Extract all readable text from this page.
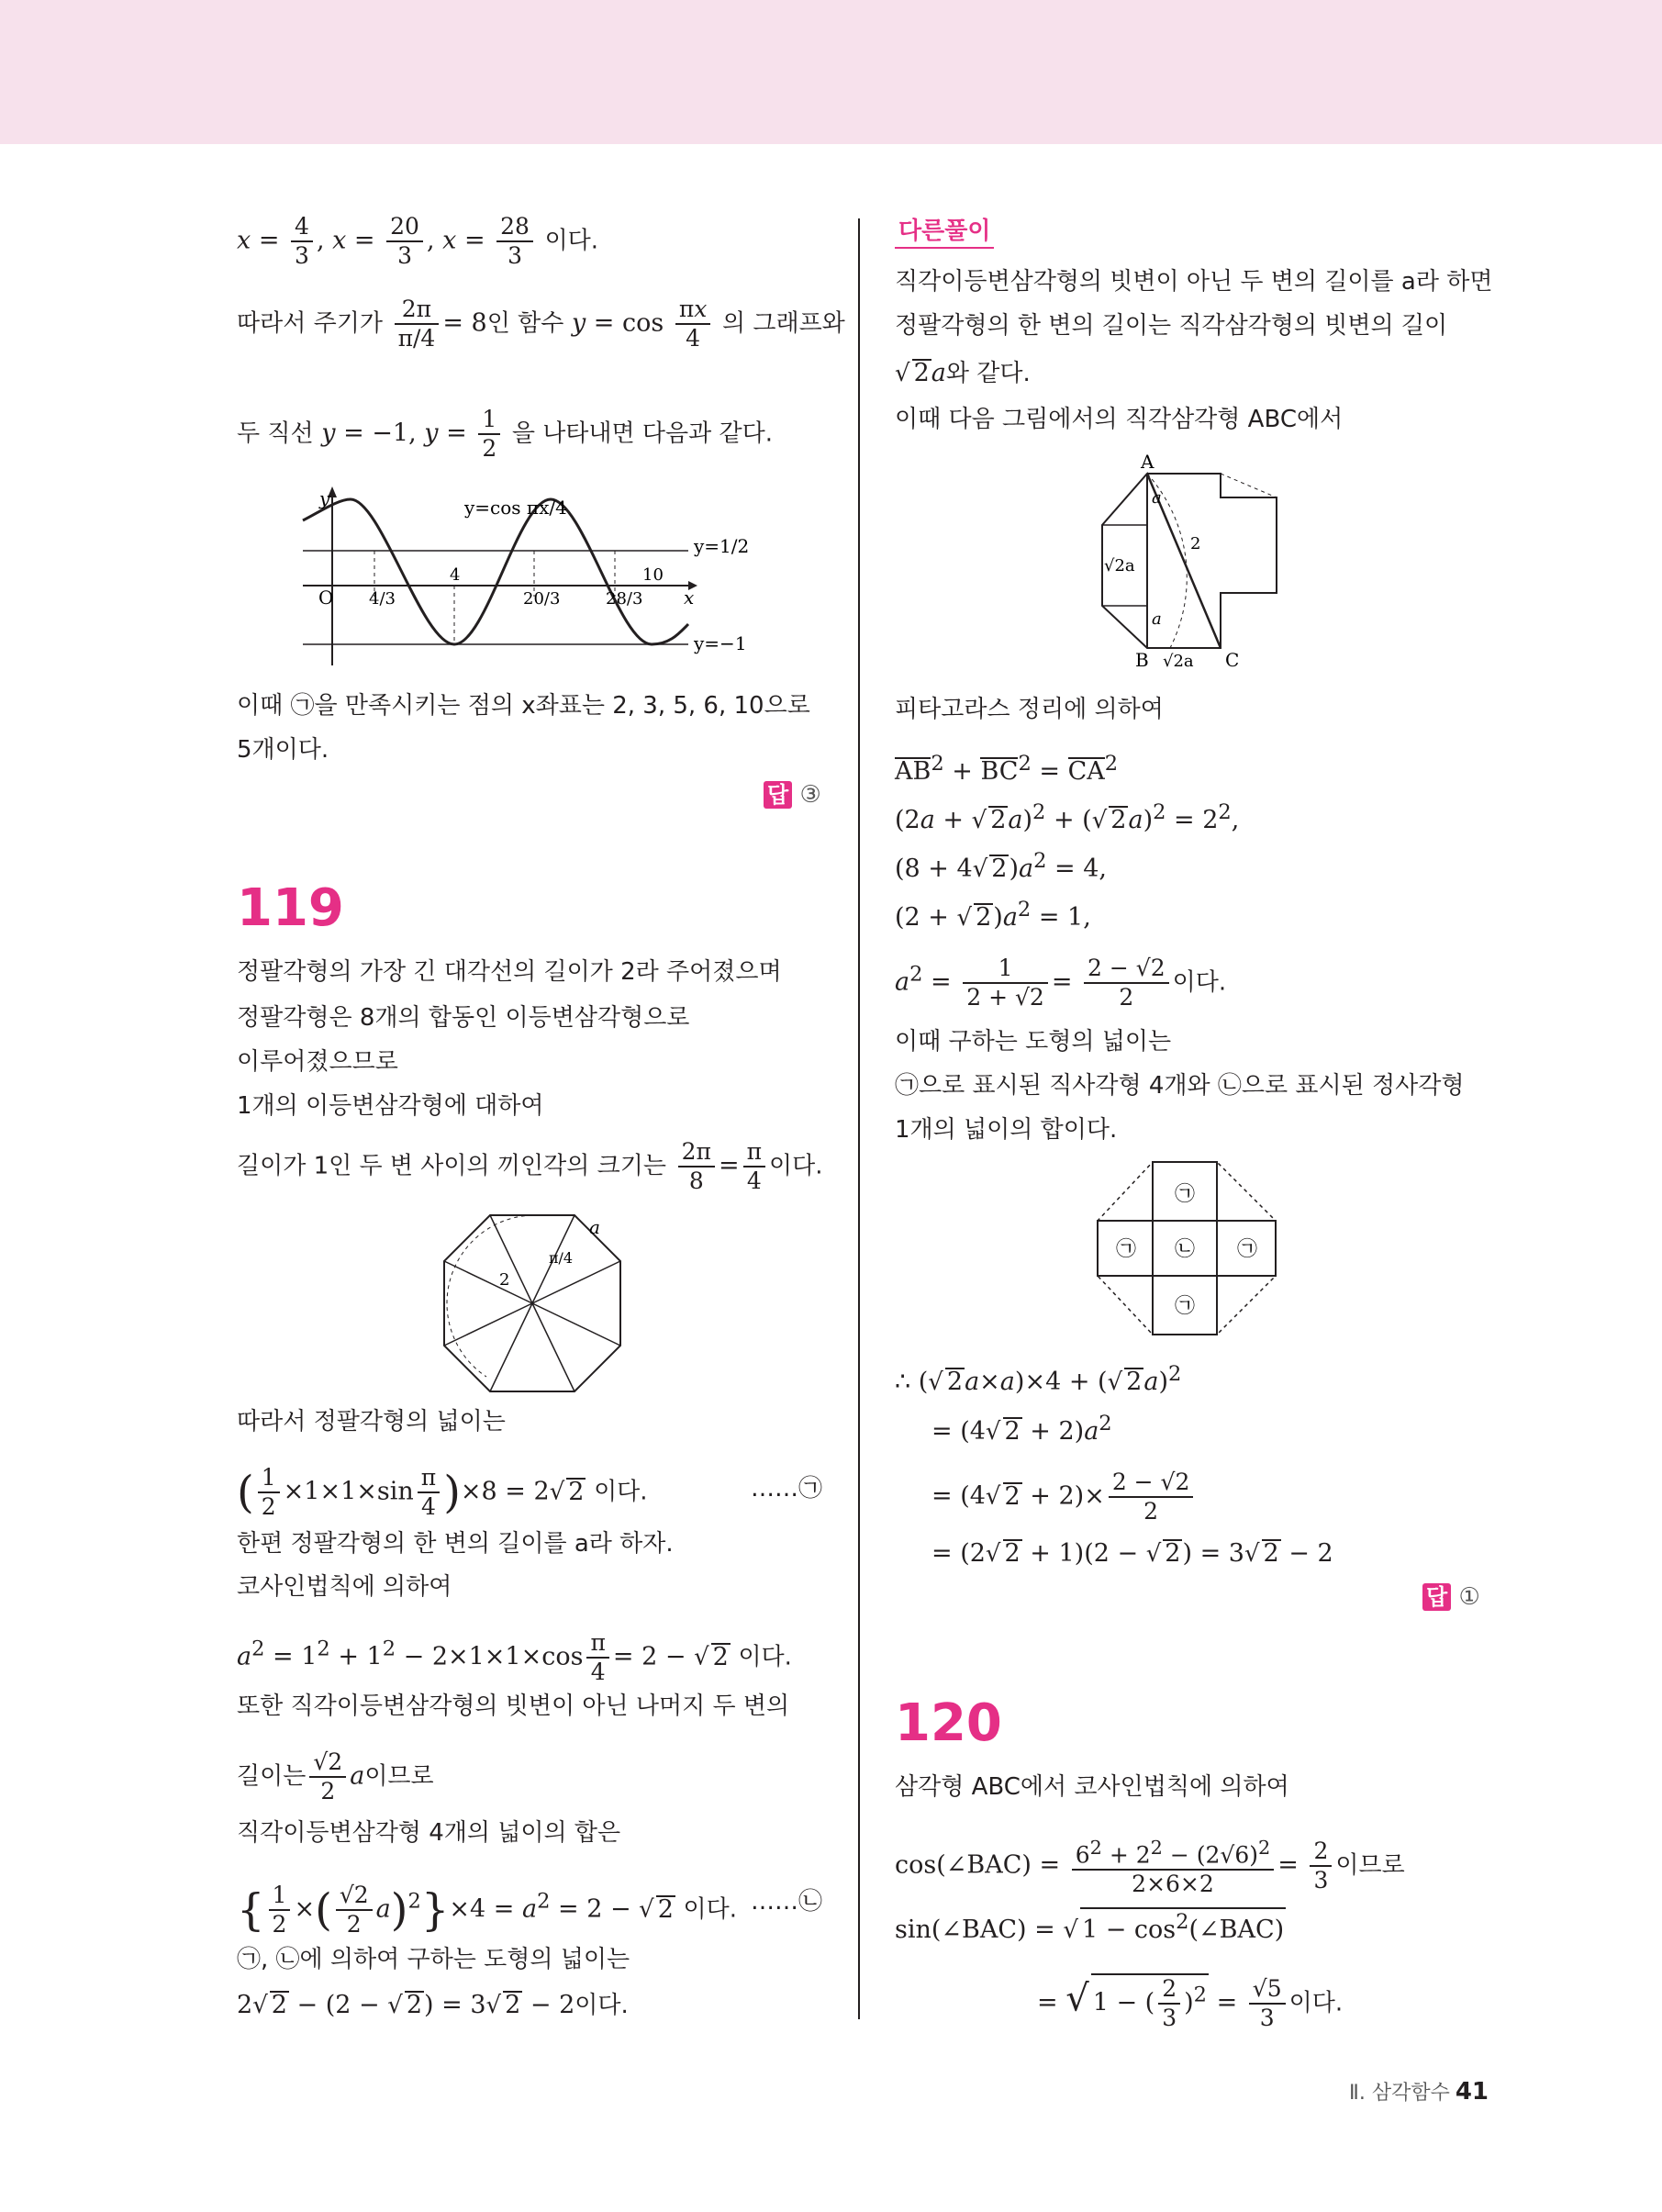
$x = \frac{4}{3}$ , $x = \frac{20}{3}$ , $x = \frac{28}{3}$ 이다.
따라서 주기가 $\frac{2\pi}{\pi/4} = 8$인 함수 $y = \cos \frac{\pi x}{4}$ 의 그래프와
두 직선 y = −1, $y = \frac{1}{2}$ 을 나타내면 다음과 같다.
y
O	x
y=cos πx/4
4/3
4
20/3
10
28/3
y=1/2
y=−1
이때 ㉠을 만족시키는 점의 x좌표는 2, 3, 5, 6, 10으로
5개이다.
답 ③
119
정팔각형의 가장 긴 대각선의 길이가 2라 주어졌으며
정팔각형은 8개의 합동인 이등변삼각형으로
이루어졌으므로
1개의 이등변삼각형에 대하여
길이가 1인 두 변 사이의 끼인각의 크기는 $\frac{2\pi}{8} = \frac{\pi}{4}$ 이다.
a
2
π/4
따라서 정팔각형의 넓이는
( $\frac{1}{2} \times 1\times 1\times\sin \frac{\pi}{4} )\times 8 = 2√$ 2 이다.	……㉠
한편 정팔각형의 한 변의 길이를 a라 하자.
코사인법칙에 의하여
$a^2 = 1^2 + 1^2 - 2\times 1\times 1\times\cos \frac{\pi}{4} = 2$ − √ 2 이다.
또한 직각이등변삼각형의 빗변이 아닌 나머지 두 변의
길이는 $\frac{√2}{2}$ a이므로
직각이등변삼각형 4개의 넓이의 합은
{ $\frac{1}{2}$ ×( $\frac{√2}{2} a)^2\}\times 4 = a^2 = 2$ − √ 2 이다. ……㉡
㉠, ㉡에 의하여 구하는 도형의 넓이는
2√ 2 − (2 − √ 2) = 3√ 2 − 2이다.
다른풀이
직각이등변삼각형의 빗변이 아닌 두 변의 길이를 a라 하면
정팔각형의 한 변의 길이는 직각삼각형의 빗변의 길이
√ 2a와 같다.
이때 다음 그림에서의 직각삼각형 ABC에서
A
B	C
a
a
2
√2a
√2a
피타고라스 정리에 의하여
$AB^2 + BC^2 = CA^2$
(2a + √ 2a)$^2$ + (√ $2a)^2 = 2^2$,
(8 + 4√ $2)a^2 = 4$,
(2 + √ $2)a^2 = 1$,
$a^2 = \frac{1}{2 + √2} = \frac{2 - √2}{2}$ 이다.
이때 구하는 도형의 넓이는
㉠으로 표시된 직사각형 4개와 ㉡으로 표시된 정사각형
1개의 넓이의 합이다.
㉠
㉠
㉠	㉠
㉡
∴ (√ 2a×a)×4 + (√ 2a)$^2$
= (4√ $2 + 2)a^2$
= (4√ $2 + 2)\times \frac{2 - √2}{2}$
= (2√ 2 + 1)(2 − √ 2) = 3√ 2 − 2
답 ①
120
삼각형 ABC에서 코사인법칙에 의하여
cos(∠BAC) = $\frac{6^2 + 2^2 - (2√6)^2}{2\times 6\times 2} = \frac{2}{3}$ 이므로
sin(∠BAC) = √ $1 - \cos^2(\angle BAC)$
= √ 1 − ( $\frac{2}{3} )^2 = \frac{√5}{3}$ 이다.
Ⅱ. 삼각함수 41
